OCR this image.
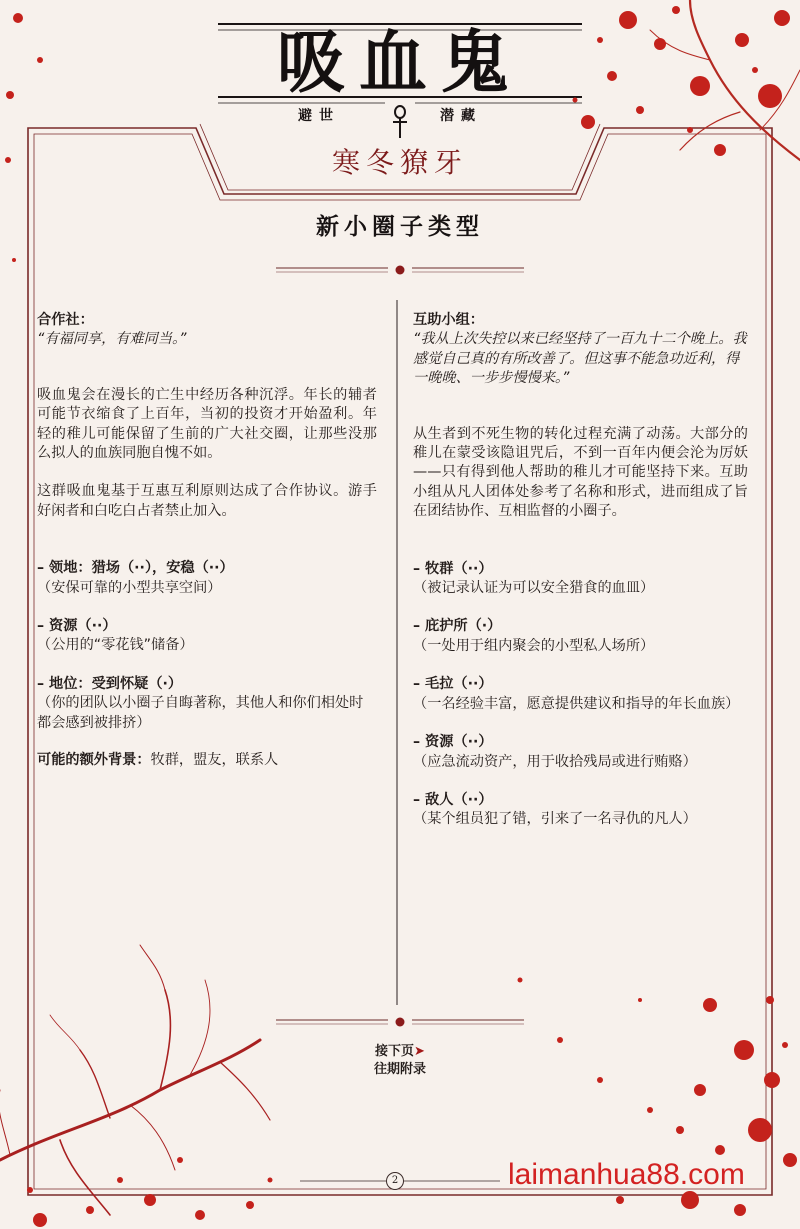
吸血鬼
避世	潜藏
寒冬獠牙
新小圈子类型
合作社：
“有福同享，有难同当。”
吸血鬼会在漫长的亡生中经历各种沉浮。年长的辅者可能节衣缩食了上百年，当初的投资才开始盈利。年轻的稚儿可能保留了生前的广大社交圈，让那些没那么拟人的血族同胞自愧不如。
这群吸血鬼基于互惠互利原则达成了合作协议。游手好闲者和白吃白占者禁止加入。
– 领地：猎场（··），安稳（··）
（安保可靠的小型共享空间）
– 资源（··）
（公用的“零花钱”储备）
– 地位：受到怀疑（·）
（你的团队以小圈子自晦著称，其他人和你们相处时都会感到被排挤）
可能的额外背景：牧群，盟友，联系人
互助小组：
“我从上次失控以来已经坚持了一百九十二个晚上。我感觉自己真的有所改善了。但这事不能急功近利，得一晚晚、一步步慢慢来。”
从生者到不死生物的转化过程充满了动荡。大部分的稚儿在蒙受该隐诅咒后，不到一百年内便会沦为厉妖——只有得到他人帮助的稚儿才可能坚持下来。互助小组从凡人团体处参考了名称和形式，进而组成了旨在团结协作、互相监督的小圈子。
– 牧群（··）
（被记录认证为可以安全猎食的血皿）
– 庇护所（·）
（一处用于组内聚会的小型私人场所）
– 毛拉（··）
（一名经验丰富，愿意提供建议和指导的年长血族）
– 资源（··）
（应急流动资产，用于收拾残局或进行贿赂）
– 敌人（··）
（某个组员犯了错，引来了一名寻仇的凡人）
接下页➤
往期附录
2	laimanhua88.com
